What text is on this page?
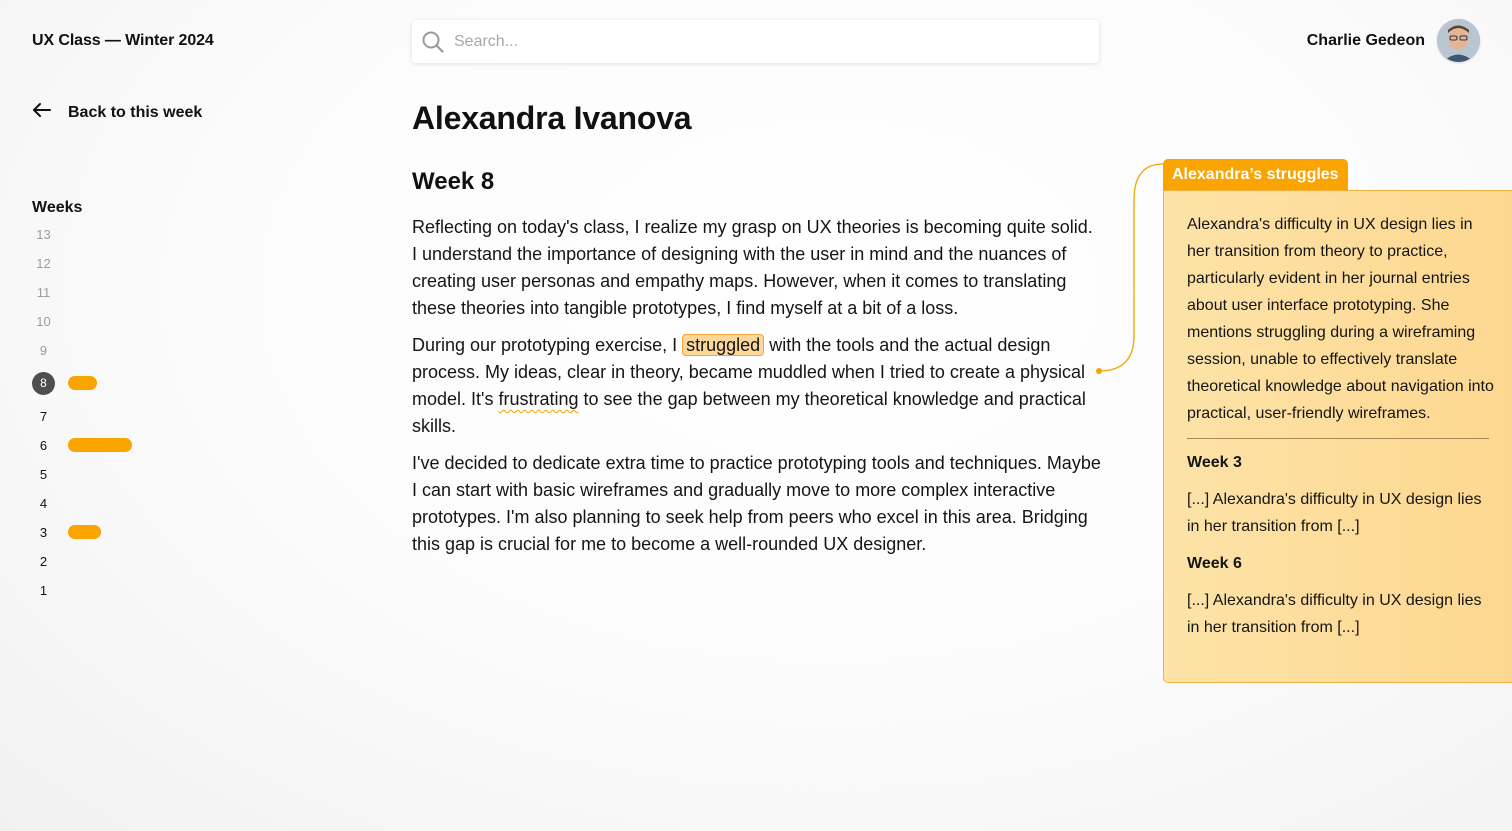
UX Class — Winter 2024
Search...	Charlie Gedeon
Back to this week
Weeks
13
12
11
10
9
8
7
6
5
4
3
2
1
Alexandra Ivanova
Week 8

Reflecting on today's class, I realize my grasp on UX theories is becoming quite solid. I understand the importance of designing with the user in mind and the nuances of creating user personas and empathy maps. However, when it comes to translating these theories into tangible prototypes, I find myself at a bit of a loss.

During our prototyping exercise, I struggled with the tools and the actual design process. My ideas, clear in theory, became muddled when I tried to create a physical model. It's frustrating to see the gap between my theoretical knowledge and practical skills.

I've decided to dedicate extra time to practice prototyping tools and techniques. Maybe I can start with basic wireframes and gradually move to more complex interactive prototypes. I'm also planning to seek help from peers who excel in this area. Bridging this gap is crucial for me to become a well-rounded UX designer.

Alexandra’s struggles
Alexandra's difficulty in UX design lies in her transition from theory to practice, particularly evident in her journal entries about user interface prototyping. She mentions struggling during a wireframing session, unable to effectively translate theoretical knowledge about navigation into practical, user-friendly wireframes.
Week 3
[...] Alexandra's difficulty in UX design lies in her transition from [...]
Week 6
[...] Alexandra's difficulty in UX design lies in her transition from [...]
